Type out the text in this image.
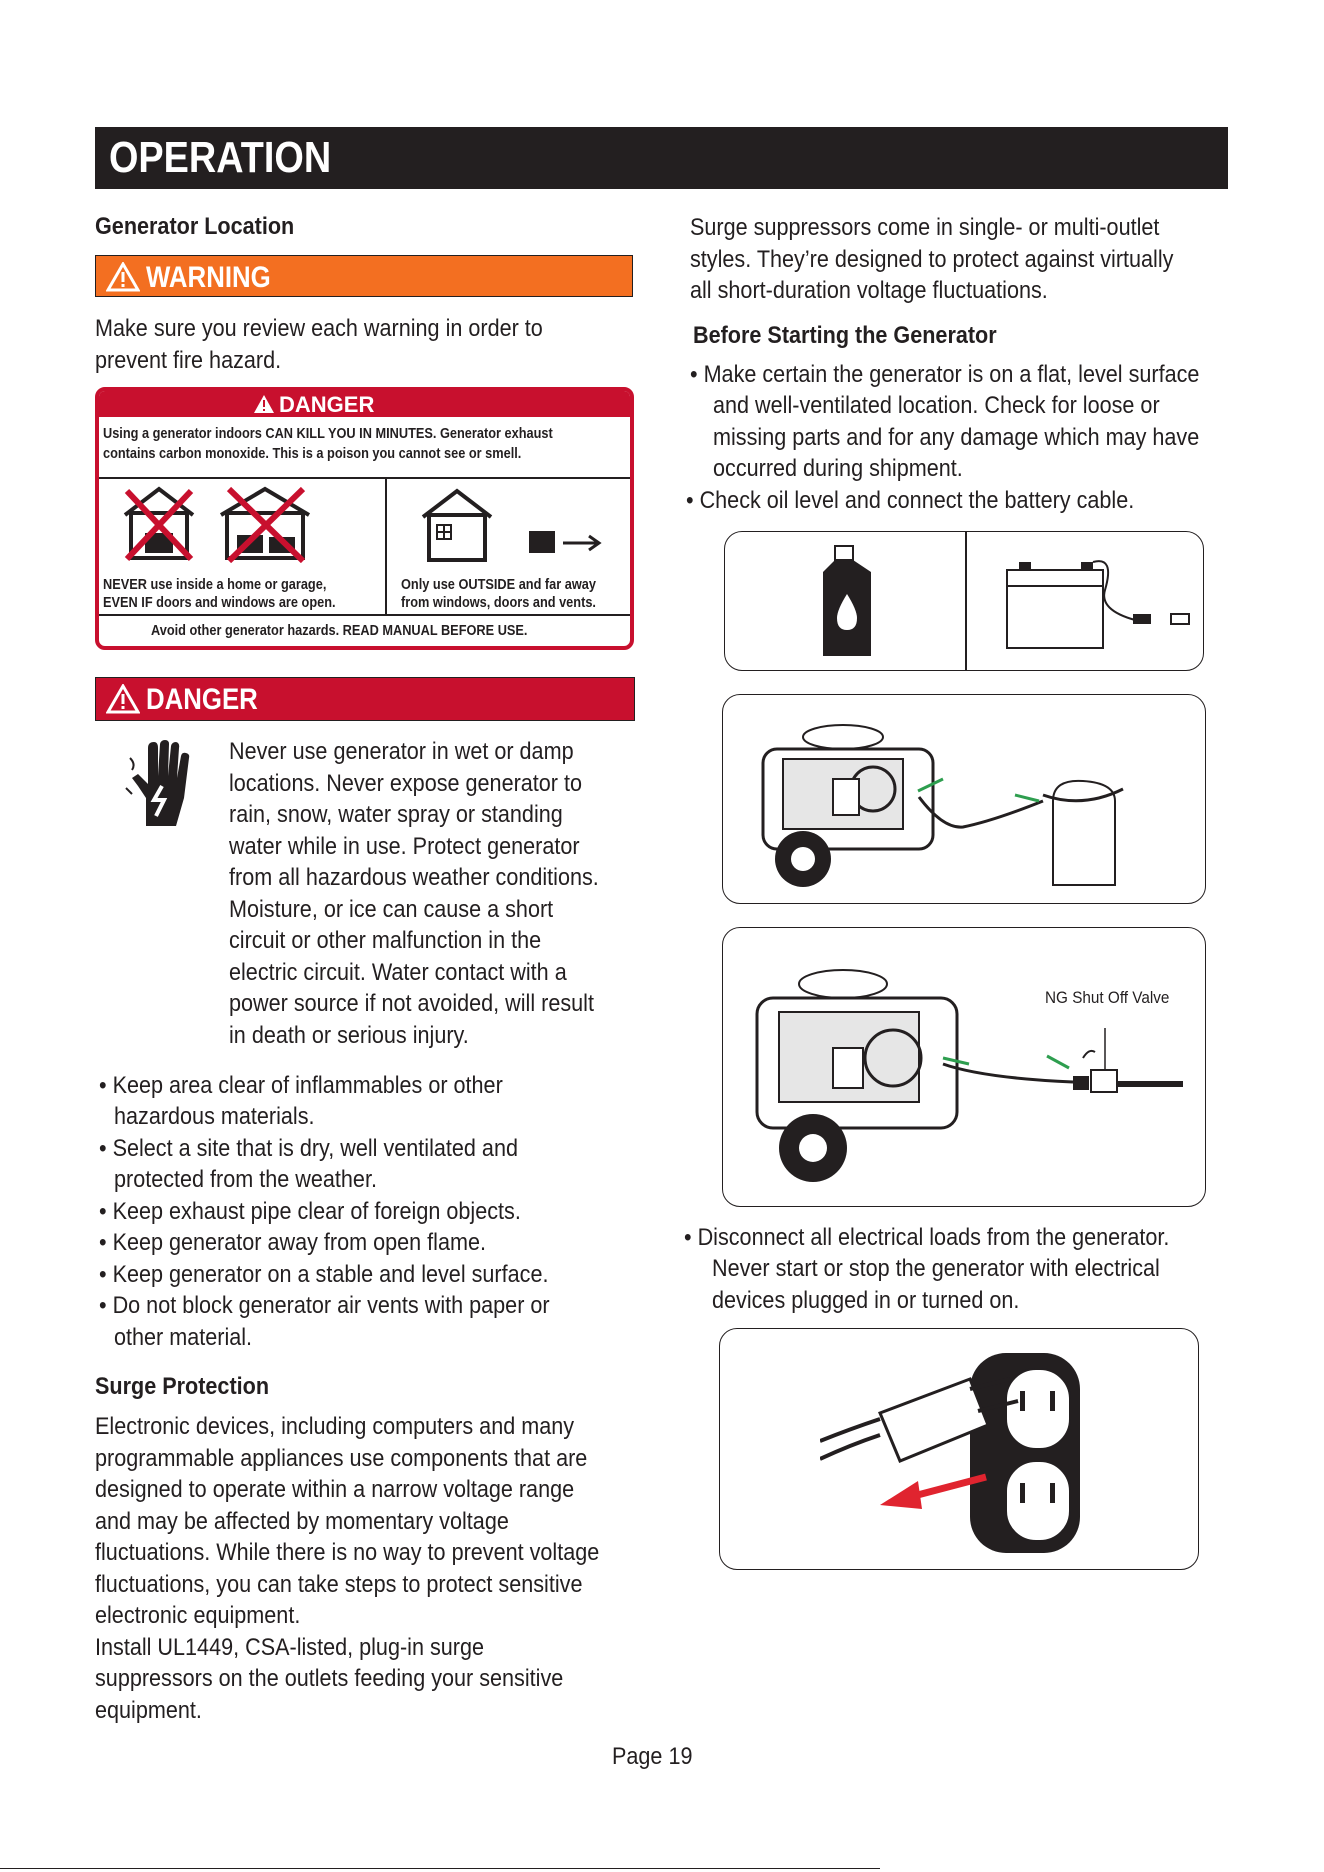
OPERATION
Generator Location
WARNING
Make sure you review each warning in order to
prevent fire hazard.
DANGER
Using a generator indoors CAN KILL YOU IN MINUTES. Generator exhaust
contains carbon monoxide. This is a poison you cannot see or smell.
NEVER use inside a home or garage,
EVEN IF doors and windows are open.
Only use OUTSIDE and far away
from windows, doors and vents.
Avoid other generator hazards. READ MANUAL BEFORE USE.
DANGER
Never use generator in wet or damp
locations. Never expose generator to
rain, snow, water spray or standing
water while in use. Protect generator
from all hazardous weather conditions.
Moisture, or ice can cause a short
circuit or other malfunction in the
electric circuit. Water contact with a
power source if not avoided, will result
in death or serious injury.
• Keep area clear of inflammables or other
hazardous materials.
• Select a site that is dry, well ventilated and
protected from the weather.
• Keep exhaust pipe clear of foreign objects.
• Keep generator away from open flame.
• Keep generator on a stable and level surface.
• Do not block generator air vents with paper or
other material.
Surge Protection
Electronic devices, including computers and many
programmable appliances use components that are
designed to operate within a narrow voltage range
and may be affected by momentary voltage
fluctuations. While there is no way to prevent voltage
fluctuations, you can take steps to protect sensitive
electronic equipment.
Install UL1449, CSA-listed, plug-in surge
suppressors on the outlets feeding your sensitive
equipment.
Surge suppressors come in single- or multi-outlet
styles. They’re designed to protect against virtually
all short-duration voltage fluctuations.
Before Starting the Generator
• Make certain the generator is on a flat, level surface
and well-ventilated location. Check for loose or
missing parts and for any damage which may have
occurred during shipment.
• Check oil level and connect the battery cable.
NG Shut Off Valve
• Disconnect all electrical loads from the generator.
Never start or stop the generator with electrical
devices plugged in or turned on.
Page 19
